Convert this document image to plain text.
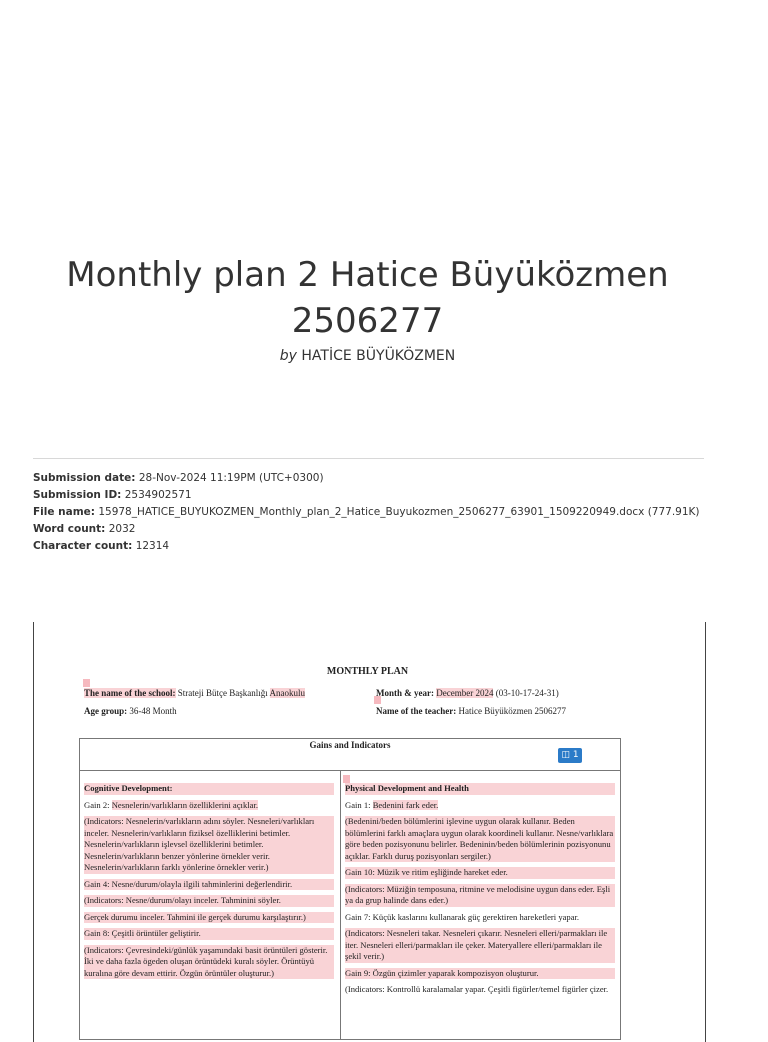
Monthly plan 2 Hatice Büyüközmen 2506277
by HATİCE BÜYÜKÖZMEN
Submission date: 28-Nov-2024 11:19PM (UTC+0300)
Submission ID: 2534902571
File name: 15978_HATICE_BUYUKOZMEN_Monthly_plan_2_Hatice_Buyukozmen_2506277_63901_1509220949.docx (777.91K)
Word count: 2032
Character count: 12314
MONTHLY PLAN
The name of the school: Strateji Bütçe Başkanlığı Anaokulu	Month & year: December 2024 (03-10-17-24-31)
Age group: 36-48 Month	Name of the teacher: Hatice Büyüközmen 2506277
Gains and Indicators

Cognitive Development:

Gain 2: Nesnelerin/varlıkların özelliklerini açıklar.

(Indicators: Nesnelerin/varlıkların adını söyler. Nesneleri/varlıkları inceler. Nesnelerin/varlıkların fiziksel özelliklerini betimler. Nesnelerin/varlıkların işlevsel özelliklerini betimler. Nesnelerin/varlıkların benzer yönlerine örnekler verir. Nesnelerin/varlıkların farklı yönlerine örnekler verir.)

Gain 4: Nesne/durum/olayla ilgili tahminlerini değerlendirir.

(Indicators: Nesne/durum/olayı inceler. Tahminini söyler.

Gerçek durumu inceler. Tahmini ile gerçek durumu karşılaştırır.)

Gain 8: Çeşitli örüntüler geliştirir.

(Indicators: Çevresindeki/günlük yaşamındaki basit örüntüleri gösterir. İki ve daha fazla ögeden oluşan örüntüdeki kuralı söyler. Örüntüyü kuralına göre devam ettirir. Özgün örüntüler oluşturur.)

Physical Development and Health

Gain 1: Bedenini fark eder.

(Bedenini/beden bölümlerini işlevine uygun olarak kullanır. Beden bölümlerini farklı amaçlara uygun olarak koordineli kullanır. Nesne/varlıklara göre beden pozisyonunu belirler. Bedeninin/beden bölümlerinin pozisyonunu açıklar. Farklı duruş pozisyonları sergiler.)

Gain 10: Müzik ve ritim eşliğinde hareket eder.

(Indicators: Müziğin temposuna, ritmine ve melodisine uygun dans eder. Eşli ya da grup halinde dans eder.)

Gain 7: Küçük kaslarını kullanarak güç gerektiren hareketleri yapar.

(Indicators: Nesneleri takar. Nesneleri çıkarır. Nesneleri elleri/parmakları ile iter. Nesneleri elleri/parmakları ile çeker. Materyallere elleri/parmakları ile şekil verir.)

Gain 9: Özgün çizimler yaparak kompozisyon oluşturur.

(Indicators: Kontrollü karalamalar yapar. Çeşitli figürler/temel figürler çizer.

◫ 1
